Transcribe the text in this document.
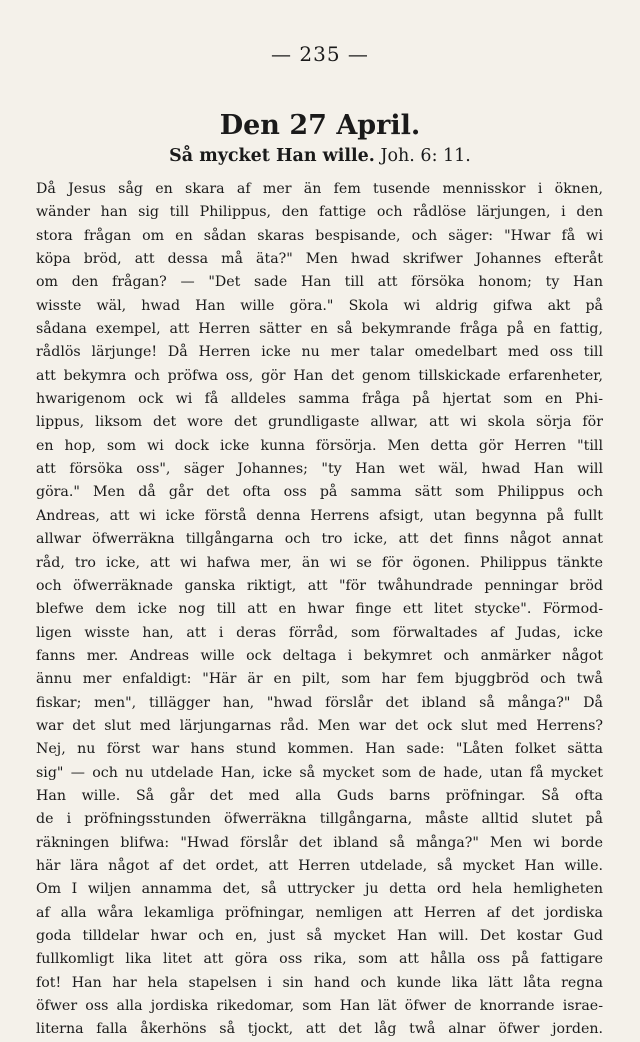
— 235 —
Den 27 April.
Så mycket Han wille. Joh. 6: 11.
Då Jesus såg en skara af mer än fem tusende mennisskor i öknen,
wänder han sig till Philippus, den fattige och rådlöse lärjungen, i den
stora frågan om en sådan skaras bespisande, och säger: "Hwar få wi
köpa bröd, att dessa må äta?" Men hwad skrifwer Johannes efteråt
om den frågan? — "Det sade Han till att försöka honom; ty Han
wisste wäl, hwad Han wille göra." Skola wi aldrig gifwa akt på
sådana exempel, att Herren sätter en så bekymrande fråga på en fattig,
rådlös lärjunge! Då Herren icke nu mer talar omedelbart med oss till
att bekymra och pröfwa oss, gör Han det genom tillskickade erfarenheter,
hwarigenom ock wi få alldeles samma fråga på hjertat som en Phi-
lippus, liksom det wore det grundligaste allwar, att wi skola sörja för
en hop, som wi dock icke kunna försörja. Men detta gör Herren "till
att försöka oss", säger Johannes; "ty Han wet wäl, hwad Han will
göra." Men då går det ofta oss på samma sätt som Philippus och
Andreas, att wi icke förstå denna Herrens afsigt, utan begynna på fullt
allwar öfwerräkna tillgångarna och tro icke, att det finns något annat
råd, tro icke, att wi hafwa mer, än wi se för ögonen. Philippus tänkte
och öfwerräknade ganska riktigt, att "för twåhundrade penningar bröd
blefwe dem icke nog till att en hwar finge ett litet stycke". Förmod-
ligen wisste han, att i deras förråd, som förwaltades af Judas, icke
fanns mer. Andreas wille ock deltaga i bekymret och anmärker något
ännu mer enfaldigt: "Här är en pilt, som har fem bjuggbröd och twå
fiskar; men", tillägger han, "hwad förslår det ibland så många?" Då
war det slut med lärjungarnas råd. Men war det ock slut med Herrens?
Nej, nu först war hans stund kommen. Han sade: "Låten folket sätta
sig" — och nu utdelade Han, icke så mycket som de hade, utan få mycket
Han wille. Så går det med alla Guds barns pröfningar. Så ofta
de i pröfningsstunden öfwerräkna tillgångarna, måste alltid slutet på
räkningen blifwa: "Hwad förslår det ibland så många?" Men wi borde
här lära något af det ordet, att Herren utdelade, så mycket Han wille.
Om I wiljen annamma det, så uttrycker ju detta ord hela hemligheten
af alla wåra lekamliga pröfningar, nemligen att Herren af det jordiska
goda tilldelar hwar och en, just så mycket Han will. Det kostar Gud
fullkomligt lika litet att göra oss rika, som att hålla oss på fattigare
fot! Han har hela stapelsen i sin hand och kunde lika lätt låta regna
öfwer oss alla jordiska rikedomar, som Han lät öfwer de knorrande israe-
literna falla åkerhöns så tjockt, att det låg twå alnar öfwer jorden.
